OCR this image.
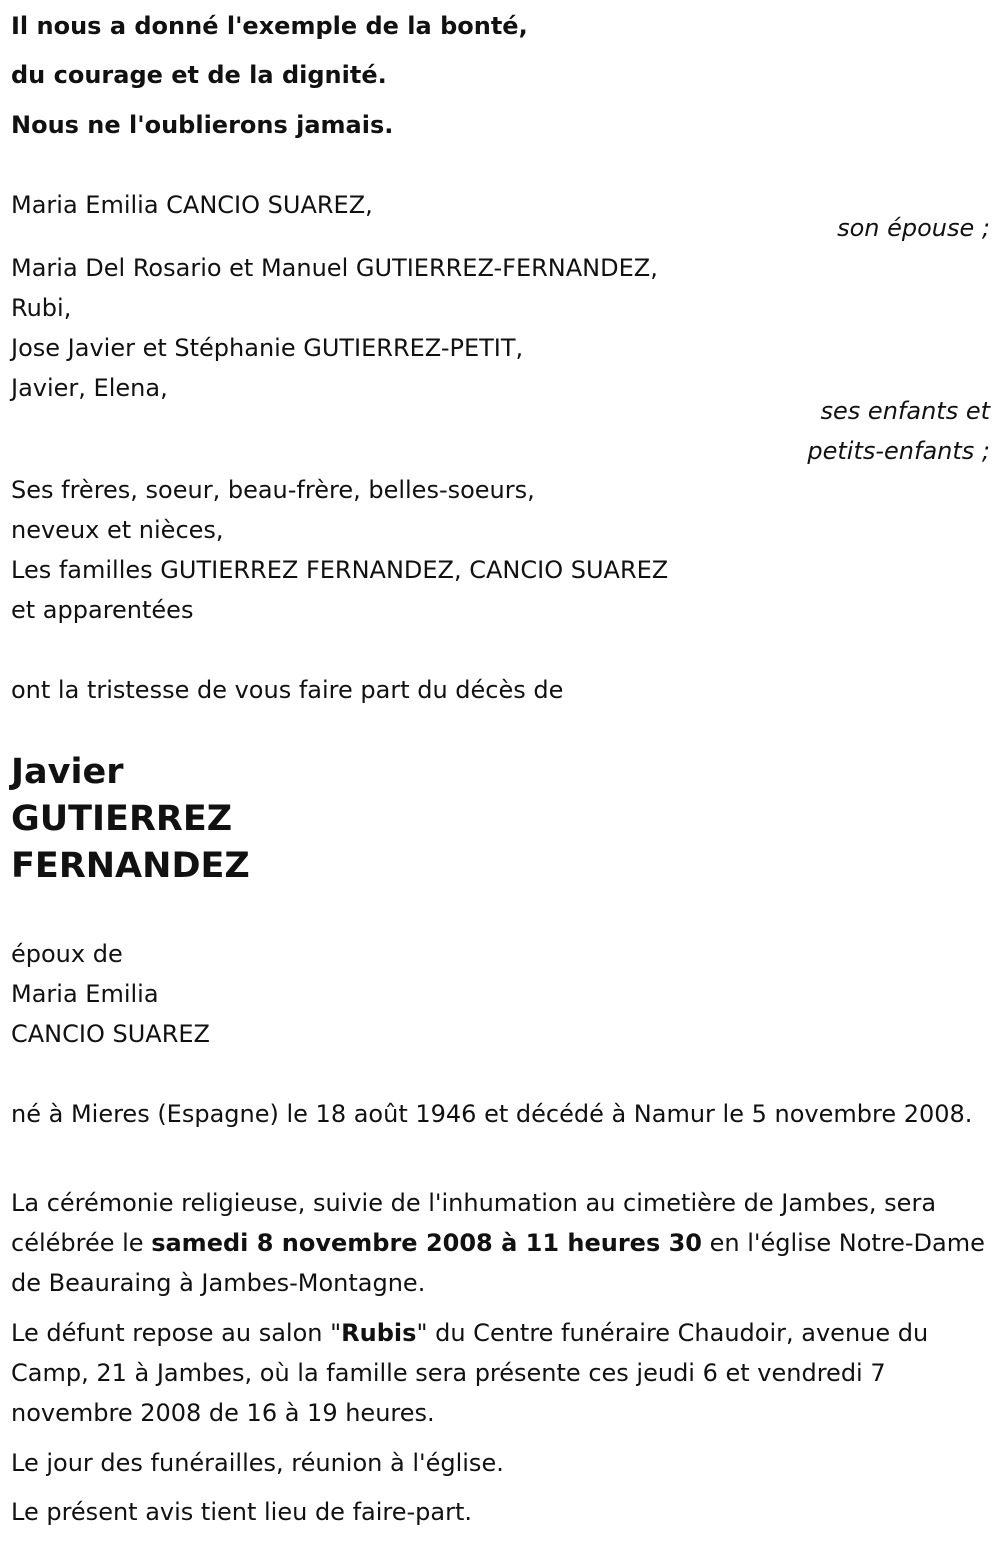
Il nous a donné l'exemple de la bonté,

du courage et de la dignité.

Nous ne l'oublierons jamais.

Maria Emilia CANCIO SUAREZ,

son épouse ;

Maria Del Rosario et Manuel GUTIERREZ-FERNANDEZ,

Rubi,

Jose Javier et Stéphanie GUTIERREZ-PETIT,

Javier, Elena,

ses enfants et

petits-enfants ;

Ses frères, soeur, beau-frère, belles-soeurs,

neveux et nièces,

Les familles GUTIERREZ FERNANDEZ, CANCIO SUAREZ

et apparentées

ont la tristesse de vous faire part du décès de

Javier

GUTIERREZ

FERNANDEZ

époux de

Maria Emilia

CANCIO SUAREZ

né à Mieres (Espagne) le 18 août 1946 et décédé à Namur le 5 novembre 2008.

La cérémonie religieuse, suivie de l'inhumation au cimetière de Jambes, sera célébrée le samedi 8 novembre 2008 à 11 heures 30 en l'église Notre-Dame de Beauraing à Jambes-Montagne.

Le défunt repose au salon "Rubis" du Centre funéraire Chaudoir, avenue du Camp, 21 à Jambes, où la famille sera présente ces jeudi 6 et vendredi 7 novembre 2008 de 16 à 19 heures.

Le jour des funérailles, réunion à l'église.

Le présent avis tient lieu de faire-part.
